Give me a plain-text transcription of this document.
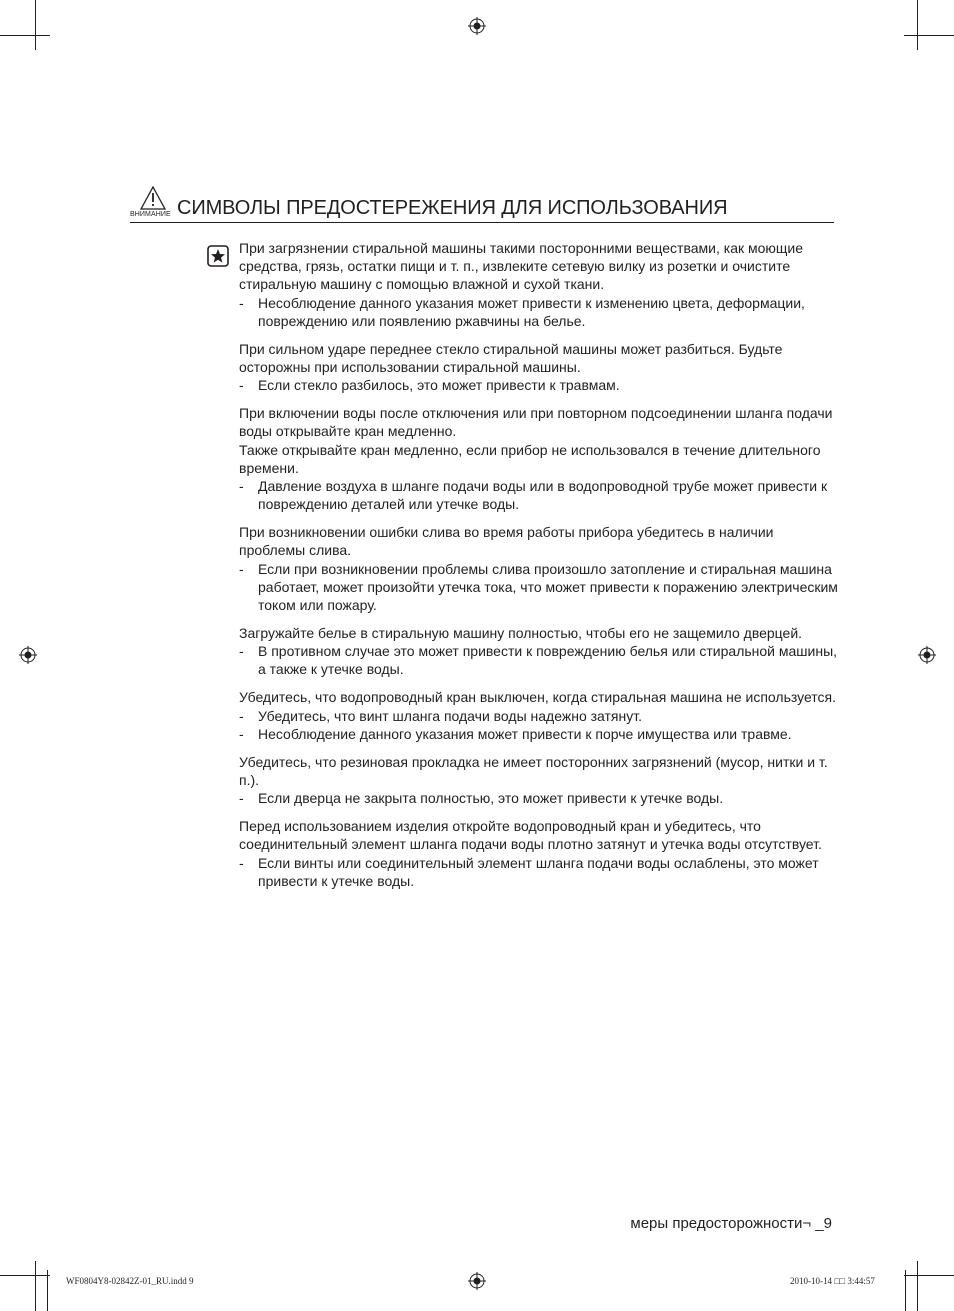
ВНИМАНИЕ СИМВОЛЫ ПРЕДОСТЕРЕЖЕНИЯ ДЛЯ ИСПОЛЬЗОВАНИЯ

При загрязнении стиральной машины такими посторонними веществами, как моющие средства, грязь, остатки пищи и т. п., извлеките сетевую вилку из розетки и очистите стиральную машину с помощью влажной и сухой ткани.

- Несоблюдение данного указания может привести к изменению цвета, деформации, повреждению или появлению ржавчины на белье.

При сильном ударе переднее стекло стиральной машины может разбиться. Будьте осторожны при использовании стиральной машины.

- Если стекло разбилось, это может привести к травмам.

При включении воды после отключения или при повторном подсоединении шланга подачи воды открывайте кран медленно.

Также открывайте кран медленно, если прибор не использовался в течение длительного времени.

- Давление воздуха в шланге подачи воды или в водопроводной трубе может привести к повреждению деталей или утечке воды.

При возникновении ошибки слива во время работы прибора убедитесь в наличии проблемы слива.

- Если при возникновении проблемы слива произошло затопление и стиральная машина работает, может произойти утечка тока, что может привести к поражению электрическим током или пожару.

Загружайте белье в стиральную машину полностью, чтобы его не защемило дверцей.

- В противном случае это может привести к повреждению белья или стиральной машины, а также к утечке воды.

Убедитесь, что водопроводный кран выключен, когда стиральная машина не используется.

- Убедитесь, что винт шланга подачи воды надежно затянут.
- Несоблюдение данного указания может привести к порче имущества или травме.

Убедитесь, что резиновая прокладка не имеет посторонних загрязнений (мусор, нитки и т. п.).

- Если дверца не закрыта полностью, это может привести к утечке воды.

Перед использованием изделия откройте водопроводный кран и убедитесь, что соединительный элемент шланга подачи воды плотно затянут и утечка воды отсутствует.

- Если винты или соединительный элемент шланга подачи воды ослаблены, это может привести к утечке воды.
меры предосторожности¬ _9
WF0804Y8-02842Z-01_RU.indd 9	2010-10-14 □□ 3:44:57
